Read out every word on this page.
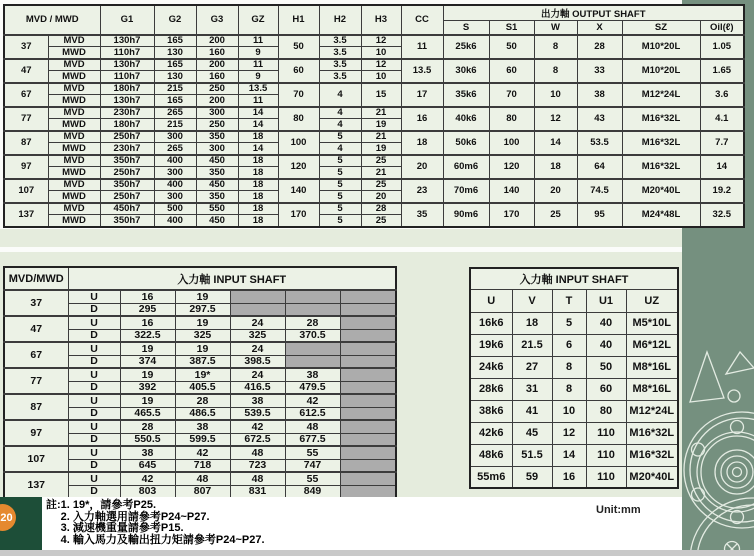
MVD / MWD		G1	G2	G3	GZ	H1	H2	H3	CC	出力軸 OUTPUT SHAFT					
										S	S1	W	X	SZ	Oil(ℓ)
37	MVD	130h7	165	200	11	50	3.5	12	11	25k6	50	8	28	M10*20L	1.05
	MWD	110h7	130	160	9		3.5	10							
47	MVD	130h7	165	200	11	60	3.5	12	13.5	30k6	60	8	33	M10*20L	1.65
	MWD	110h7	130	160	9		3.5	10							
67	MVD	180h7	215	250	13.5	70	4	15	17	35k6	70	10	38	M12*24L	3.6
	MWD	130h7	165	200	11										
77	MVD	230h7	265	300	14	80	4	21	16	40k6	80	12	43	M16*32L	4.1
	MWD	180h7	215	250	14		4	19							
87	MVD	250h7	300	350	18	100	5	21	18	50k6	100	14	53.5	M16*32L	7.7
	MWD	230h7	265	300	14		4	19							
97	MVD	350h7	400	450	18	120	5	25	20	60m6	120	18	64	M16*32L	14
	MWD	250h7	300	350	18		5	21							
107	MVD	350h7	400	450	18	140	5	25	23	70m6	140	20	74.5	M20*40L	19.2
	MWD	250h7	300	350	18		5	20							
137	MVD	450h7	500	550	18	170	5	28	35	90m6	170	25	95	M24*48L	32.5
	MWD	350h7	400	450	18		5	25							
MVD/MWD	入力軸 INPUT SHAFT					
37	U	16	19			
	D	295	297.5			
47	U	16	19	24	28	
	D	322.5	325	325	370.5	
67	U	19	19	24		
	D	374	387.5	398.5		
77	U	19	19*	24	38	
	D	392	405.5	416.5	479.5	
87	U	19	28	38	42	
	D	465.5	486.5	539.5	612.5	
97	U	28	38	42	48	
	D	550.5	599.5	672.5	677.5	
107	U	38	42	48	55	
	D	645	718	723	747	
137	U	42	48	48	55	
	D	803	807	831	849	
入力軸 INPUT SHAFT				
U	V	T	U1	UZ
16k6	18	5	40	M5*10L
19k6	21.5	6	40	M6*12L
24k6	27	8	50	M8*16L
28k6	31	8	60	M8*16L
38k6	41	10	80	M12*24L
42k6	45	12	110	M16*32L
48k6	51.5	14	110	M16*32L
55m6	59	16	110	M20*40L
20
註: 1. 19*，請參考P25.
2. 入力軸選用請參考P24~P27.
3. 減速機重量請參考P15.
4. 輸入馬力及輸出扭力矩請參考P24~P27.
Unit:mm
